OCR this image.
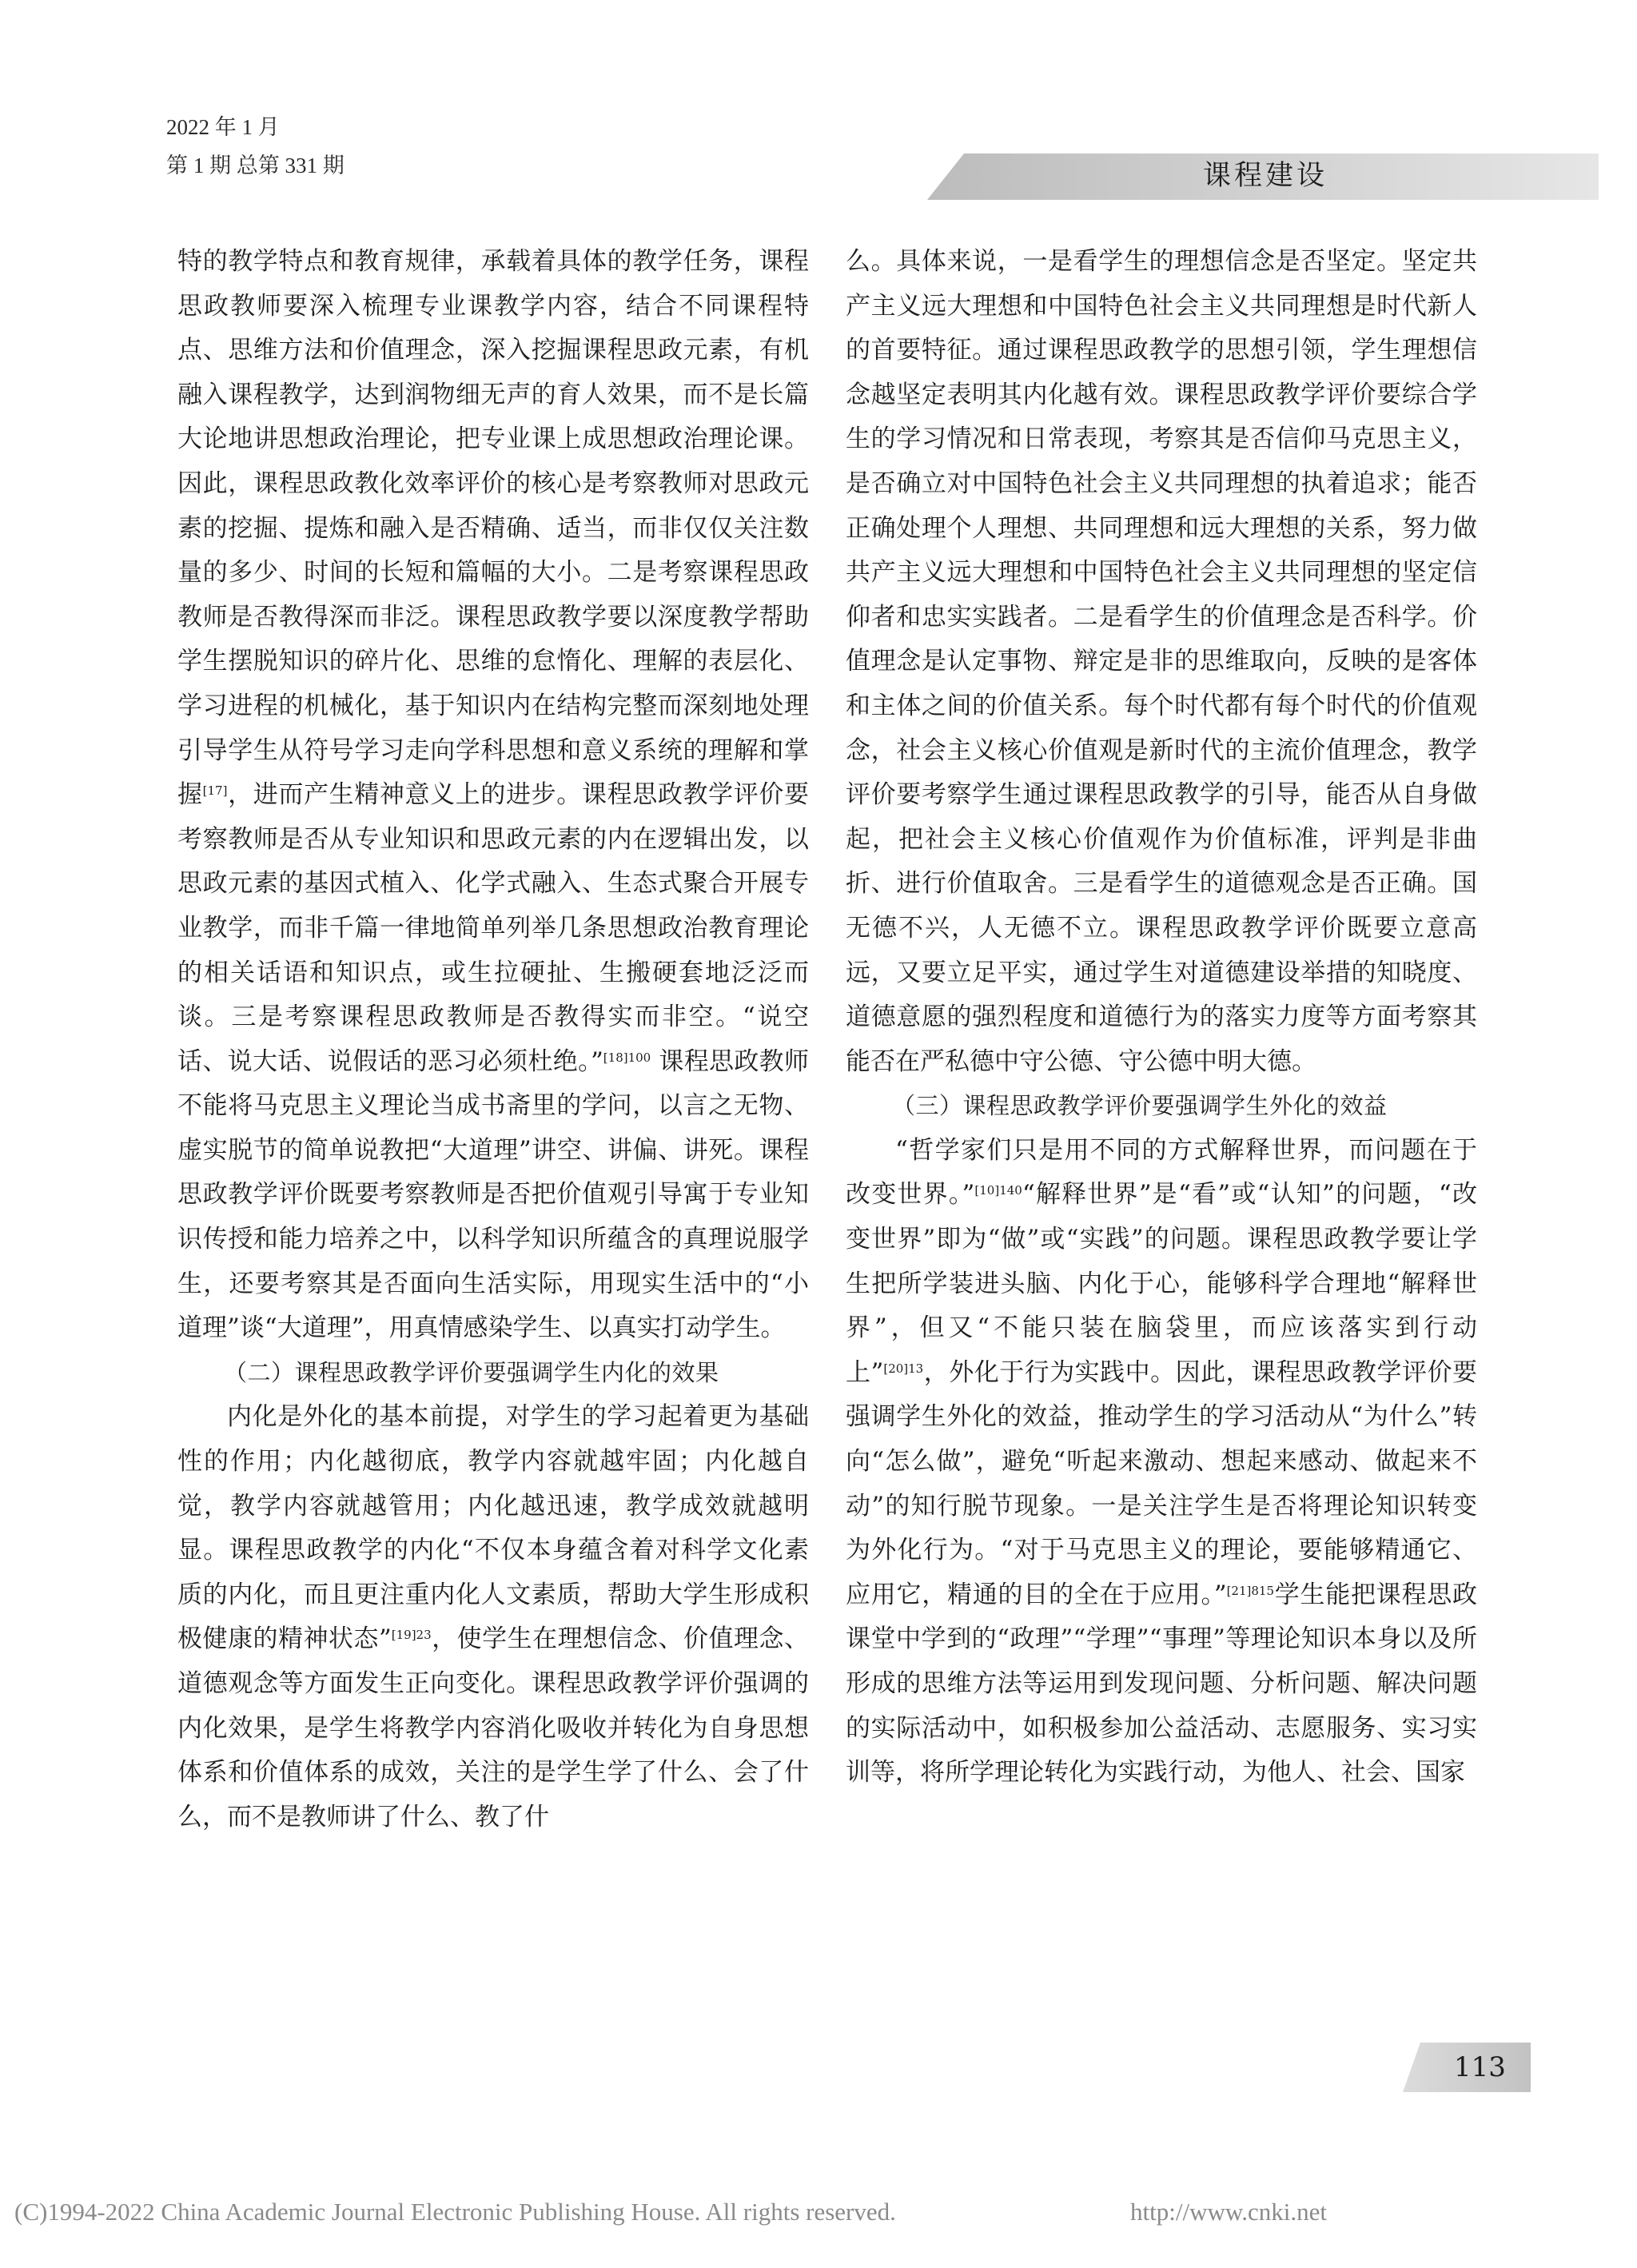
2022 年 1 月
第 1 期 总第 331 期	课程建设

特的教学特点和教育规律，承载着具体的教学任务，课程思政教师要深入梳理专业课教学内容，结合不同课程特点、思维方法和价值理念，深入挖掘课程思政元素，有机融入课程教学，达到润物细无声的育人效果，而不是长篇大论地讲思想政治理论，把专业课上成思想政治理论课。因此，课程思政教化效率评价的核心是考察教师对思政元素的挖掘、提炼和融入是否精确、适当，而非仅仅关注数量的多少、时间的长短和篇幅的大小。二是考察课程思政教师是否教得深而非泛。课程思政教学要以深度教学帮助学生摆脱知识的碎片化、思维的怠惰化、理解的表层化、学习进程的机械化，基于知识内在结构完整而深刻地处理引导学生从符号学习走向学科思想和意义系统的理解和掌握[17]，进而产生精神意义上的进步。课程思政教学评价要考察教师是否从专业知识和思政元素的内在逻辑出发，以思政元素的基因式植入、化学式融入、生态式聚合开展专业教学，而非千篇一律地简单列举几条思想政治教育理论的相关话语和知识点，或生拉硬扯、生搬硬套地泛泛而谈。三是考察课程思政教师是否教得实而非空。“说空话、说大话、说假话的恶习必须杜绝。”$^{[18]100}$ 课程思政教师不能将马克思主义理论当成书斋里的学问，以言之无物、虚实脱节的简单说教把“大道理”讲空、讲偏、讲死。课程思政教学评价既要考察教师是否把价值观引导寓于专业知识传授和能力培养之中，以科学知识所蕴含的真理说服学生，还要考察其是否面向生活实际，用现实生活中的“小道理”谈“大道理”，用真情感染学生、以真实打动学生。

（二）课程思政教学评价要强调学生内化的效果

内化是外化的基本前提，对学生的学习起着更为基础性的作用；内化越彻底，教学内容就越牢固；内化越自觉，教学内容就越管用；内化越迅速，教学成效就越明显。课程思政教学的内化“不仅本身蕴含着对科学文化素质的内化，而且更注重内化人文素质，帮助大学生形成积极健康的精神状态”$^{[19]23}$，使学生在理想信念、价值理念、道德观念等方面发生正向变化。课程思政教学评价强调的内化效果，是学生将教学内容消化吸收并转化为自身思想体系和价值体系的成效，关注的是学生学了什么、会了什么，而不是教师讲了什么、教了什

么。具体来说，一是看学生的理想信念是否坚定。坚定共产主义远大理想和中国特色社会主义共同理想是时代新人的首要特征。通过课程思政教学的思想引领，学生理想信念越坚定表明其内化越有效。课程思政教学评价要综合学生的学习情况和日常表现，考察其是否信仰马克思主义，是否确立对中国特色社会主义共同理想的执着追求；能否正确处理个人理想、共同理想和远大理想的关系，努力做共产主义远大理想和中国特色社会主义共同理想的坚定信仰者和忠实实践者。二是看学生的价值理念是否科学。价值理念是认定事物、辩定是非的思维取向，反映的是客体和主体之间的价值关系。每个时代都有每个时代的价值观念，社会主义核心价值观是新时代的主流价值理念，教学评价要考察学生通过课程思政教学的引导，能否从自身做起，把社会主义核心价值观作为价值标准，评判是非曲折、进行价值取舍。三是看学生的道德观念是否正确。国无德不兴，人无德不立。课程思政教学评价既要立意高远，又要立足平实，通过学生对道德建设举措的知晓度、道德意愿的强烈程度和道德行为的落实力度等方面考察其能否在严私德中守公德、守公德中明大德。

（三）课程思政教学评价要强调学生外化的效益

“哲学家们只是用不同的方式解释世界，而问题在于改变世界。”$^{[10]140}$“解释世界”是“看”或“认知”的问题，“改变世界”即为“做”或“实践”的问题。课程思政教学要让学生把所学装进头脑、内化于心，能够科学合理地“解释世界”，但又“不能只装在脑袋里，而应该落实到行动上”$^{[20]13}$，外化于行为实践中。因此，课程思政教学评价要强调学生外化的效益，推动学生的学习活动从“为什么”转向“怎么做”，避免“听起来激动、想起来感动、做起来不动”的知行脱节现象。一是关注学生是否将理论知识转变为外化行为。“对于马克思主义的理论，要能够精通它、应用它，精通的目的全在于应用。”$^{[21]815}$学生能把课程思政课堂中学到的“政理”“学理”“事理”等理论知识本身以及所形成的思维方法等运用到发现问题、分析问题、解决问题的实际活动中，如积极参加公益活动、志愿服务、实习实训等，将所学理论转化为实践行动，为他人、社会、国家

113
(C)1994-2022 China Academic Journal Electronic Publishing House. All rights reserved.	http://www.cnki.net
